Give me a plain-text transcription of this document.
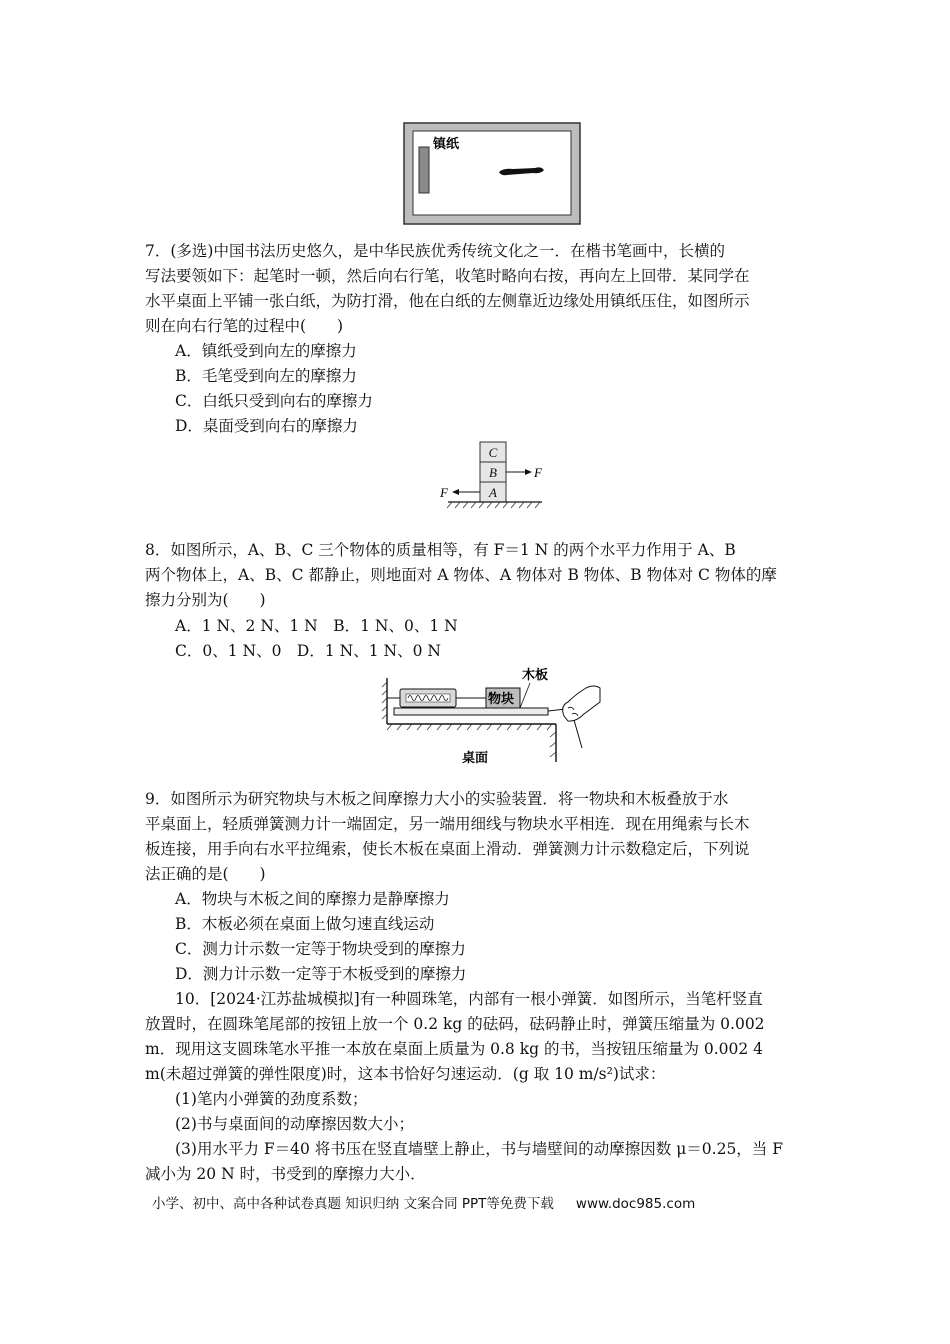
镇纸
7．(多选)中国书法历史悠久，是中华民族优秀传统文化之一．在楷书笔画中，长横的
写法要领如下：起笔时一顿，然后向右行笔，收笔时略向右按，再向左上回带．某同学在
水平桌面上平铺一张白纸，为防打滑，他在白纸的左侧靠近边缘处用镇纸压住，如图所示
则在向右行笔的过程中(　　)
A．镇纸受到向左的摩擦力
B．毛笔受到向左的摩擦力
C．白纸只受到向右的摩擦力
D．桌面受到向右的摩擦力
C
B
A
F
F
8．如图所示，A、B、C 三个物体的质量相等，有 F＝1 N 的两个水平力作用于 A、B
两个物体上，A、B、C 都静止，则地面对 A 物体、A 物体对 B 物体、B 物体对 C 物体的摩
擦力分别为(　　)
A．1 N、2 N、1 N　B．1 N、0、1 N
C．0、1 N、0　D．1 N、1 N、0 N
物块
木板
桌面
9．如图所示为研究物块与木板之间摩擦力大小的实验装置．将一物块和木板叠放于水
平桌面上，轻质弹簧测力计一端固定，另一端用细线与物块水平相连．现在用绳索与长木
板连接，用手向右水平拉绳索，使长木板在桌面上滑动．弹簧测力计示数稳定后，下列说
法正确的是(　　)
A．物块与木板之间的摩擦力是静摩擦力
B．木板必须在桌面上做匀速直线运动
C．测力计示数一定等于物块受到的摩擦力
D．测力计示数一定等于木板受到的摩擦力
10．[2024·江苏盐城模拟]有一种圆珠笔，内部有一根小弹簧．如图所示，当笔杆竖直
放置时，在圆珠笔尾部的按钮上放一个 0.2 kg 的砝码，砝码静止时，弹簧压缩量为 0.002
m．现用这支圆珠笔水平推一本放在桌面上质量为 0.8 kg 的书，当按钮压缩量为 0.002 4
m(未超过弹簧的弹性限度)时，这本书恰好匀速运动．(g 取 10 m/s²)试求：
(1)笔内小弹簧的劲度系数；
(2)书与桌面间的动摩擦因数大小；
(3)用水平力 F＝40 将书压在竖直墙壁上静止，书与墙壁间的动摩擦因数 μ＝0.25，当 F
减小为 20 N 时，书受到的摩擦力大小．
小学、初中、高中各种试卷真题 知识归纳 文案合同 PPT等免费下载 www.doc985.com
